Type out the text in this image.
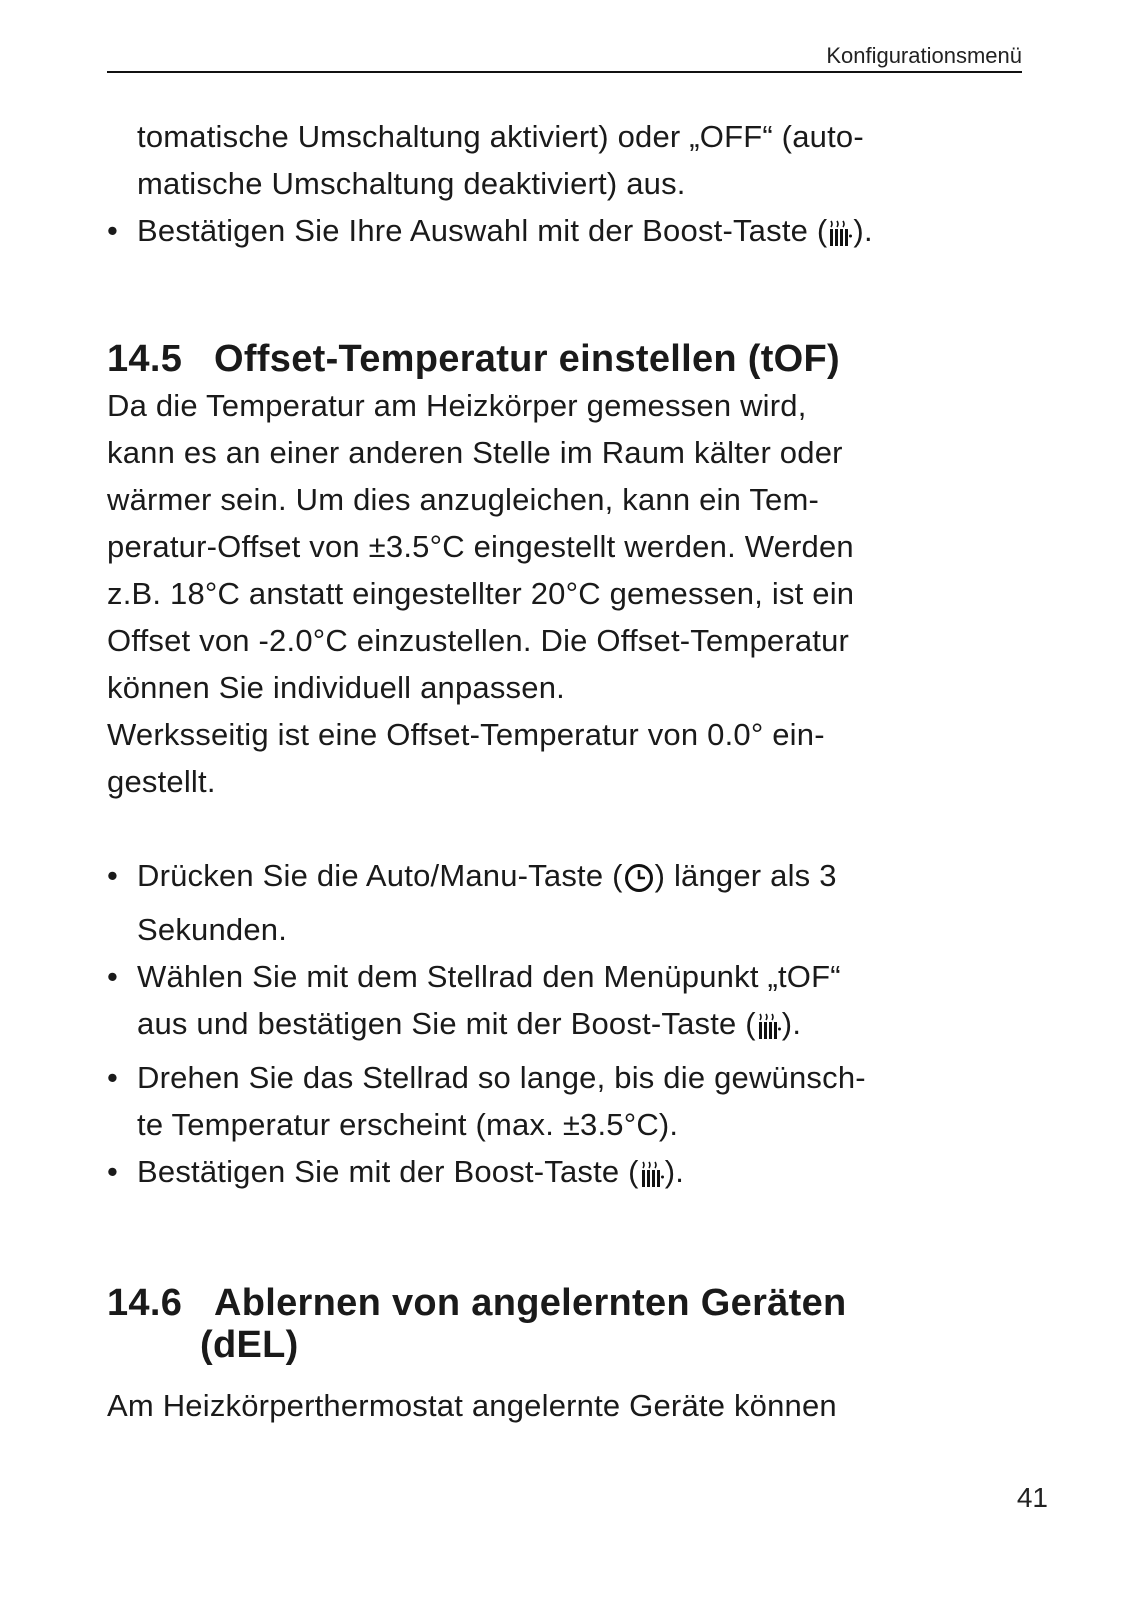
Konfigurationsmenü
tomatische Umschaltung aktiviert) oder „OFF“ (auto-
matische Umschaltung deaktiviert) aus.
• Bestätigen Sie Ihre Auswahl mit der Boost-Taste ( ).
14.5 Offset-Temperatur einstellen (tOF)
Da die Temperatur am Heizkörper gemessen wird,
kann es an einer anderen Stelle im Raum kälter oder
wärmer sein. Um dies anzugleichen, kann ein Tem-
peratur-Offset von ±3.5°C eingestellt werden. Werden
z.B. 18°C anstatt eingestellter 20°C gemessen, ist ein
Offset von -2.0°C einzustellen. Die Offset-Temperatur
können Sie individuell anpassen.
Werksseitig ist eine Offset-Temperatur von 0.0° ein-
gestellt.
• Drücken Sie die Auto/Manu-Taste ( ) länger als 3
Sekunden.
• Wählen Sie mit dem Stellrad den Menüpunkt „tOF“
aus und bestätigen Sie mit der Boost-Taste ( ).
• Drehen Sie das Stellrad so lange, bis die gewünsch-
te Temperatur erscheint (max. ±3.5°C).
• Bestätigen Sie mit der Boost-Taste ( ).
14.6 Ablernen von angelernten Geräten
(dEL)
Am Heizkörperthermostat angelernte Geräte können
41
